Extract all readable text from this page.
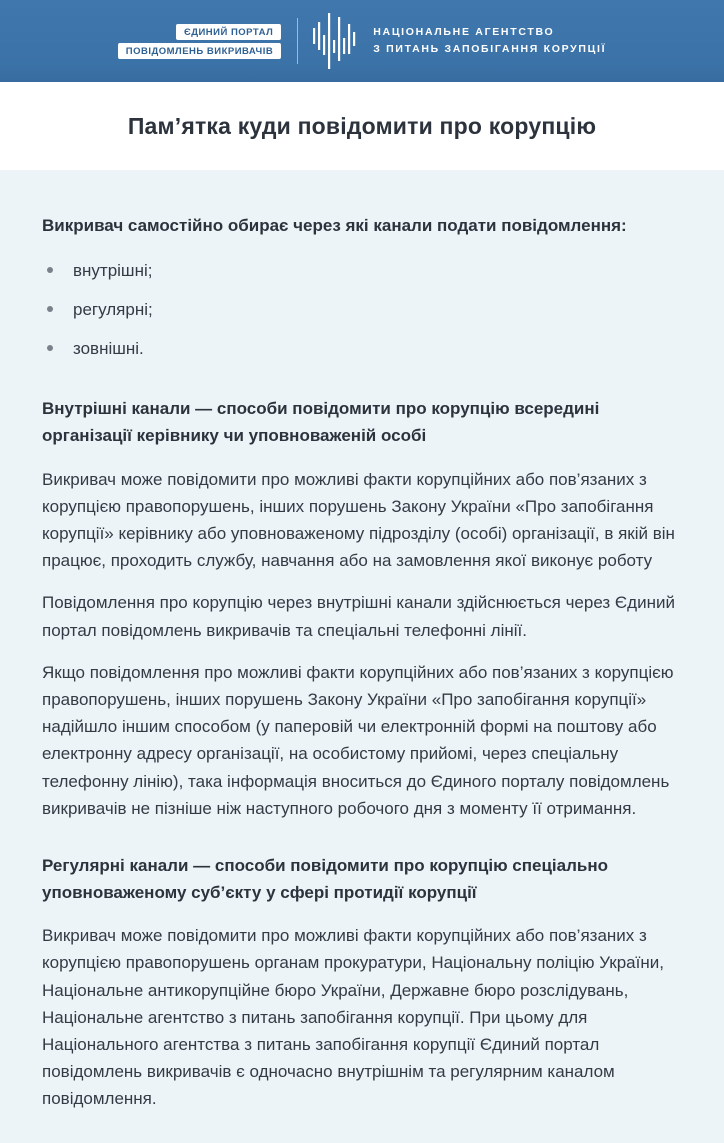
ЄДИНИЙ ПОРТАЛ
ПОВІДОМЛЕНЬ ВИКРИВАЧІВ
НАЦІОНАЛЬНЕ АГЕНТСТВО
З ПИТАНЬ ЗАПОБІГАННЯ КОРУПЦІЇ
Пам’ятка куди повідомити про корупцію

Викривач самостійно обирає через які канали подати повідомлення:

внутрішні;
регулярні;
зовнішні.
Внутрішні канали — способи повідомити про корупцію всередині організації керівнику чи уповноваженій особі

Викривач може повідомити про можливі факти корупційних або пов’язаних з корупцією правопорушень, інших порушень Закону України «Про запобігання корупції» керівнику або уповноваженому підрозділу (особі) організації, в якій він працює, проходить службу, навчання або на замовлення якої виконує роботу

Повідомлення про корупцію через внутрішні канали здійснюється через Єдиний портал повідомлень викривачів та спеціальні телефонні лінії.

Якщо повідомлення про можливі факти корупційних або пов’язаних з корупцією правопорушень, інших порушень Закону України «Про запобігання корупції» надійшло іншим способом (у паперовій чи електронній формі на поштову або електронну адресу організації, на особистому прийомі, через спеціальну телефонну лінію), така інформація вноситься до Єдиного порталу повідомлень викривачів не пізніше ніж наступного робочого дня з моменту її отримання.

Регулярні канали — способи повідомити про корупцію спеціально уповноваженому суб’єкту у сфері протидії корупції

Викривач може повідомити про можливі факти корупційних або пов’язаних з корупцією правопорушень органам прокуратури, Національну поліцію України, Національне антикорупційне бюро України, Державне бюро розслідувань, Національне агентство з питань запобігання корупції. При цьому для Національного агентства з питань запобігання корупції Єдиний портал повідомлень викривачів є одночасно внутрішнім та регулярним каналом повідомлення.
